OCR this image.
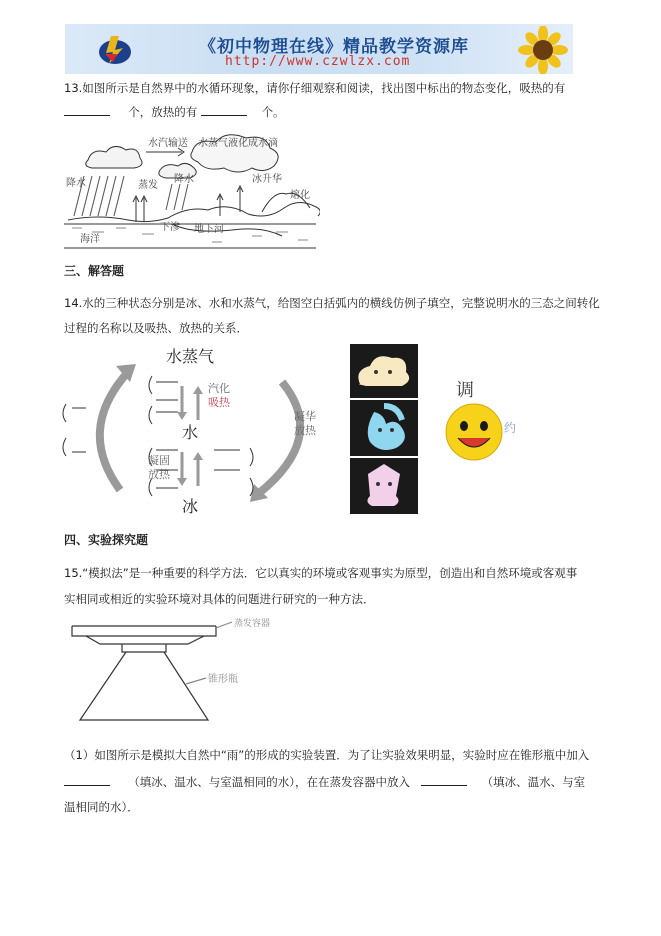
《初中物理在线》精品教学资源库
http://www.czwlzx.com
13.如图所示是自然界中的水循环现象，请你仔细观察和阅读，找出图中标出的物态变化，吸热的有
个，放热的有	个。
水汽输送 水蒸气液化成水滴
降水	蒸发
降水	冰升华
熔化
海洋
下渗 地下河
三、解答题
14.水的三种状态分别是冰、水和水蒸气，给图空白括弧内的横线仿例子填空，完整说明水的三态之间转化
过程的名称以及吸热、放热的关系．
水蒸气
水
冰
汽化
吸热
凝固
放热
凝华
放热
调
约
四、实验探究题
15.“模拟法”是一种重要的科学方法．它以真实的环境或客观事实为原型，创造出和自然环境或客观事
实相同或相近的实验环境对具体的问题进行研究的一种方法．
蒸发容器
锥形瓶
（1）如图所示是模拟大自然中“雨”的形成的实验装置．为了让实验效果明显，实验时应在锥形瓶中加入
（填冰、温水、与室温相同的水），在在蒸发容器中放入	（填冰、温水、与室
温相同的水）．
